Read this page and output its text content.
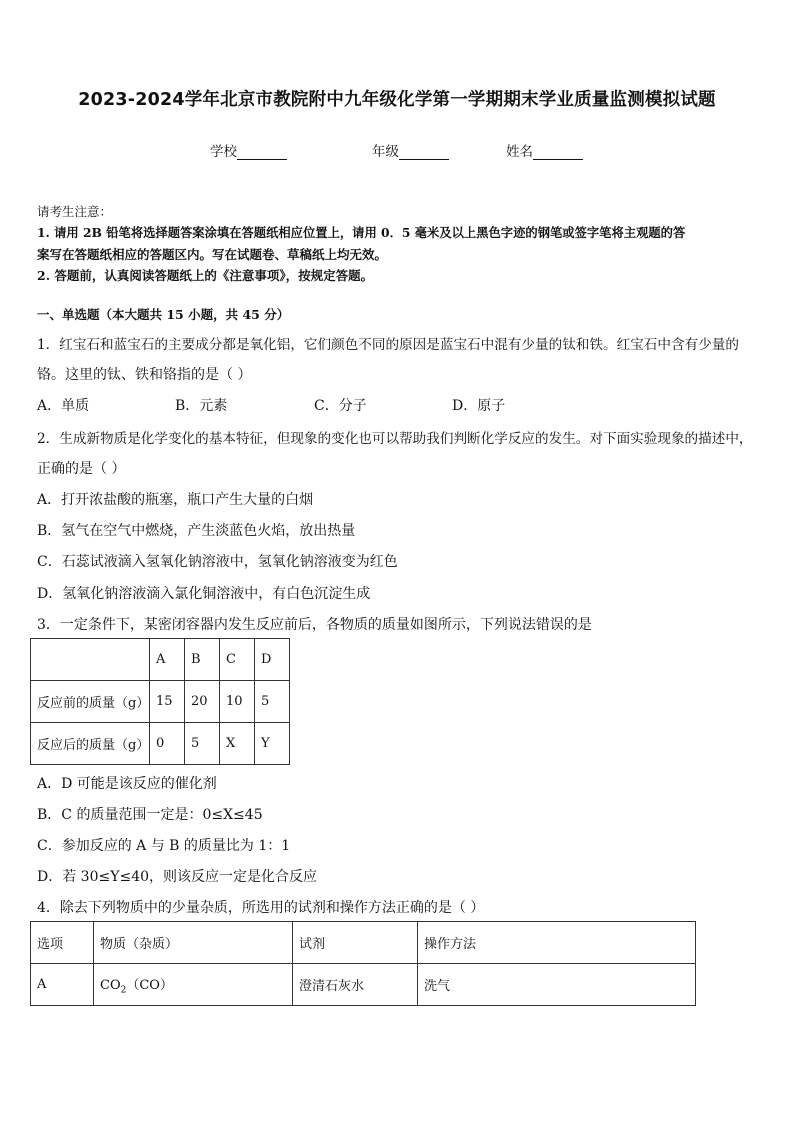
2023-2024学年北京市教院附中九年级化学第一学期期末学业质量监测模拟试题
学校	年级	姓名
请考生注意：
1. 请用 2B 铅笔将选择题答案涂填在答题纸相应位置上，请用 0．5 毫米及以上黑色字迹的钢笔或签字笔将主观题的答
案写在答题纸相应的答题区内。写在试题卷、草稿纸上均无效。
2. 答题前，认真阅读答题纸上的《注意事项》，按规定答题。
一、单选题（本大题共 15 小题，共 45 分）
1．红宝石和蓝宝石的主要成分都是氧化铝，它们颜色不同的原因是蓝宝石中混有少量的钛和铁。红宝石中含有少量的
铬。这里的钛、铁和铬指的是（ ）
A．单质	B．元素	C．分子	D．原子
2．生成新物质是化学变化的基本特征，但现象的变化也可以帮助我们判断化学反应的发生。对下面实验现象的描述中，
正确的是（ ）
A．打开浓盐酸的瓶塞，瓶口产生大量的白烟
B．氢气在空气中燃烧，产生淡蓝色火焰，放出热量
C．石蕊试液滴入氢氧化钠溶液中，氢氧化钠溶液变为红色
D．氢氧化钠溶液滴入氯化铜溶液中，有白色沉淀生成
3．一定条件下，某密闭容器内发生反应前后，各物质的质量如图所示，下列说法错误的是
	A	B	C	D
反应前的质量（g）	15	20	10	5
反应后的质量（g）	0	5	X	Y
A．D 可能是该反应的催化剂
B．C 的质量范围一定是：0≤X≤45
C．参加反应的 A 与 B 的质量比为 1：1
D．若 30≤Y≤40，则该反应一定是化合反应
4．除去下列物质中的少量杂质，所选用的试剂和操作方法正确的是（ ）
选项	物质（杂质）	试剂	操作方法
A	$CO_2(CO)$	澄清石灰水	洗气
